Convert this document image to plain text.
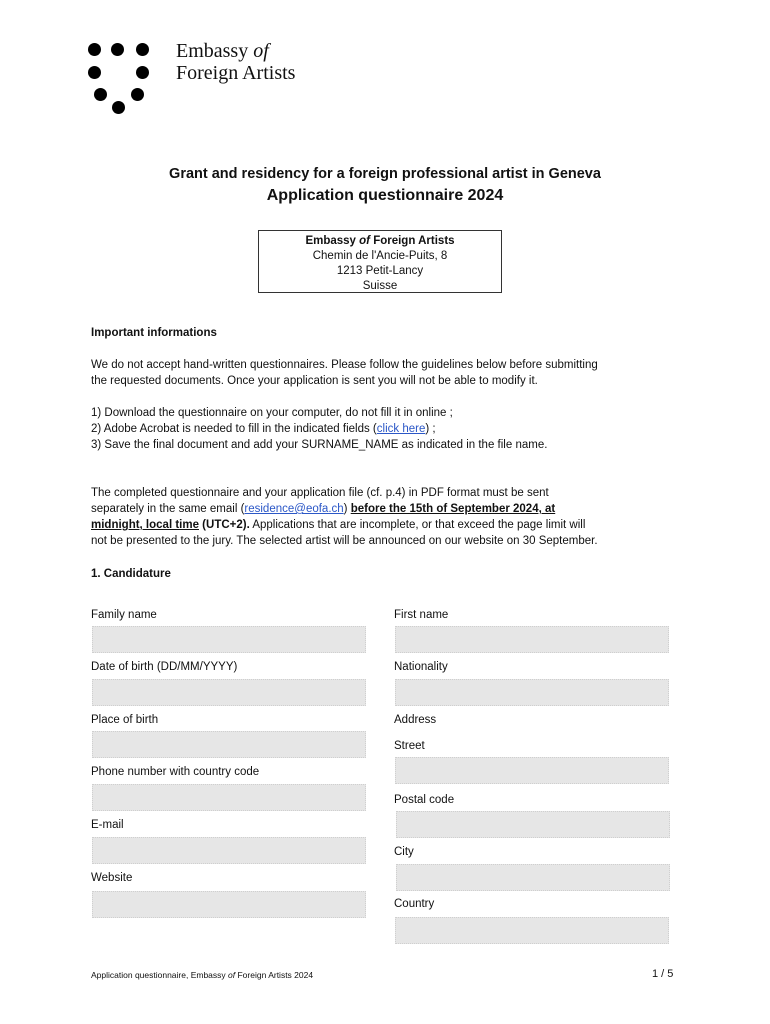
Embassy of
Foreign Artists
Grant and residency for a foreign professional artist in Geneva
Application questionnaire 2024
Embassy of Foreign Artists
Chemin de l'Ancie-Puits, 8
1213 Petit-Lancy
Suisse
Important informations
We do not accept hand-written questionnaires. Please follow the guidelines below before submitting
the requested documents. Once your application is sent you will not be able to modify it.
1) Download the questionnaire on your computer, do not fill it in online ;
2) Adobe Acrobat is needed to fill in the indicated fields (click here) ;
3) Save the final document and add your SURNAME_NAME as indicated in the file name.
The completed questionnaire and your application file (cf. p.4) in PDF format must be sent
separately in the same email (residence@eofa.ch) before the 15th of September 2024, at
midnight, local time (UTC+2). Applications that are incomplete, or that exceed the page limit will
not be presented to the jury. The selected artist will be announced on our website on 30 September.
1. Candidature
Family name
Date of birth (DD/MM/YYYY)
Place of birth
Phone number with country code
E-mail
Website
First name
Nationality
Address
Street
Postal code
City
Country
Application questionnaire, Embassy of Foreign Artists 2024	1 / 5
